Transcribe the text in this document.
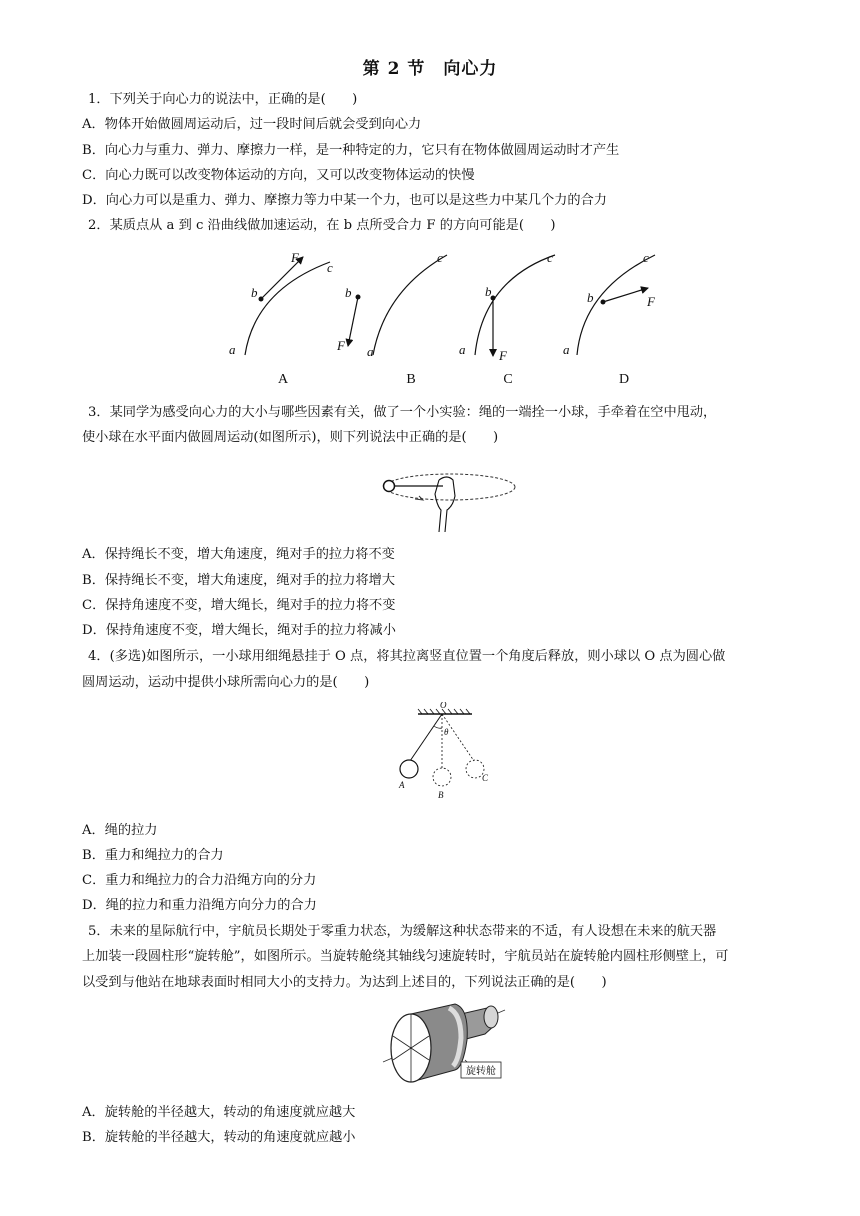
第 2 节　向心力
1．下列关于向心力的说法中，正确的是(　　)
A．物体开始做圆周运动后，过一段时间后就会受到向心力
B．向心力与重力、弹力、摩擦力一样，是一种特定的力，它只有在物体做圆周运动时才产生
C．向心力既可以改变物体运动的方向，又可以改变物体运动的快慢
D．向心力可以是重力、弹力、摩擦力等力中某一个力，也可以是这些力中某几个力的合力
2．某质点从 a 到 c 沿曲线做加速运动，在 b 点所受合力 F 的方向可能是(　　)
b
F
c
a
b
c
F a
b
c
a	F
b
c
F
a
A	B	C	D
3．某同学为感受向心力的大小与哪些因素有关，做了一个小实验：绳的一端拴一小球，手牵着在空中甩动，
使小球在水平面内做圆周运动(如图所示)，则下列说法中正确的是(　　)
A．保持绳长不变，增大角速度，绳对手的拉力将不变
B．保持绳长不变，增大角速度，绳对手的拉力将增大
C．保持角速度不变，增大绳长，绳对手的拉力将不变
D．保持角速度不变，增大绳长，绳对手的拉力将减小
4．(多选)如图所示，一小球用细绳悬挂于 O 点，将其拉离竖直位置一个角度后释放，则小球以 O 点为圆心做
圆周运动，运动中提供小球所需向心力的是(　　)
O
θ
A
B
C
A．绳的拉力
B．重力和绳拉力的合力
C．重力和绳拉力的合力沿绳方向的分力
D．绳的拉力和重力沿绳方向分力的合力
5．未来的星际航行中，宇航员长期处于零重力状态，为缓解这种状态带来的不适，有人设想在未来的航天器
上加装一段圆柱形“旋转舱”，如图所示。当旋转舱绕其轴线匀速旋转时，宇航员站在旋转舱内圆柱形侧壁上，可
以受到与他站在地球表面时相同大小的支持力。为达到上述目的，下列说法正确的是(　　)
旋转舱
A．旋转舱的半径越大，转动的角速度就应越大
B．旋转舱的半径越大，转动的角速度就应越小
